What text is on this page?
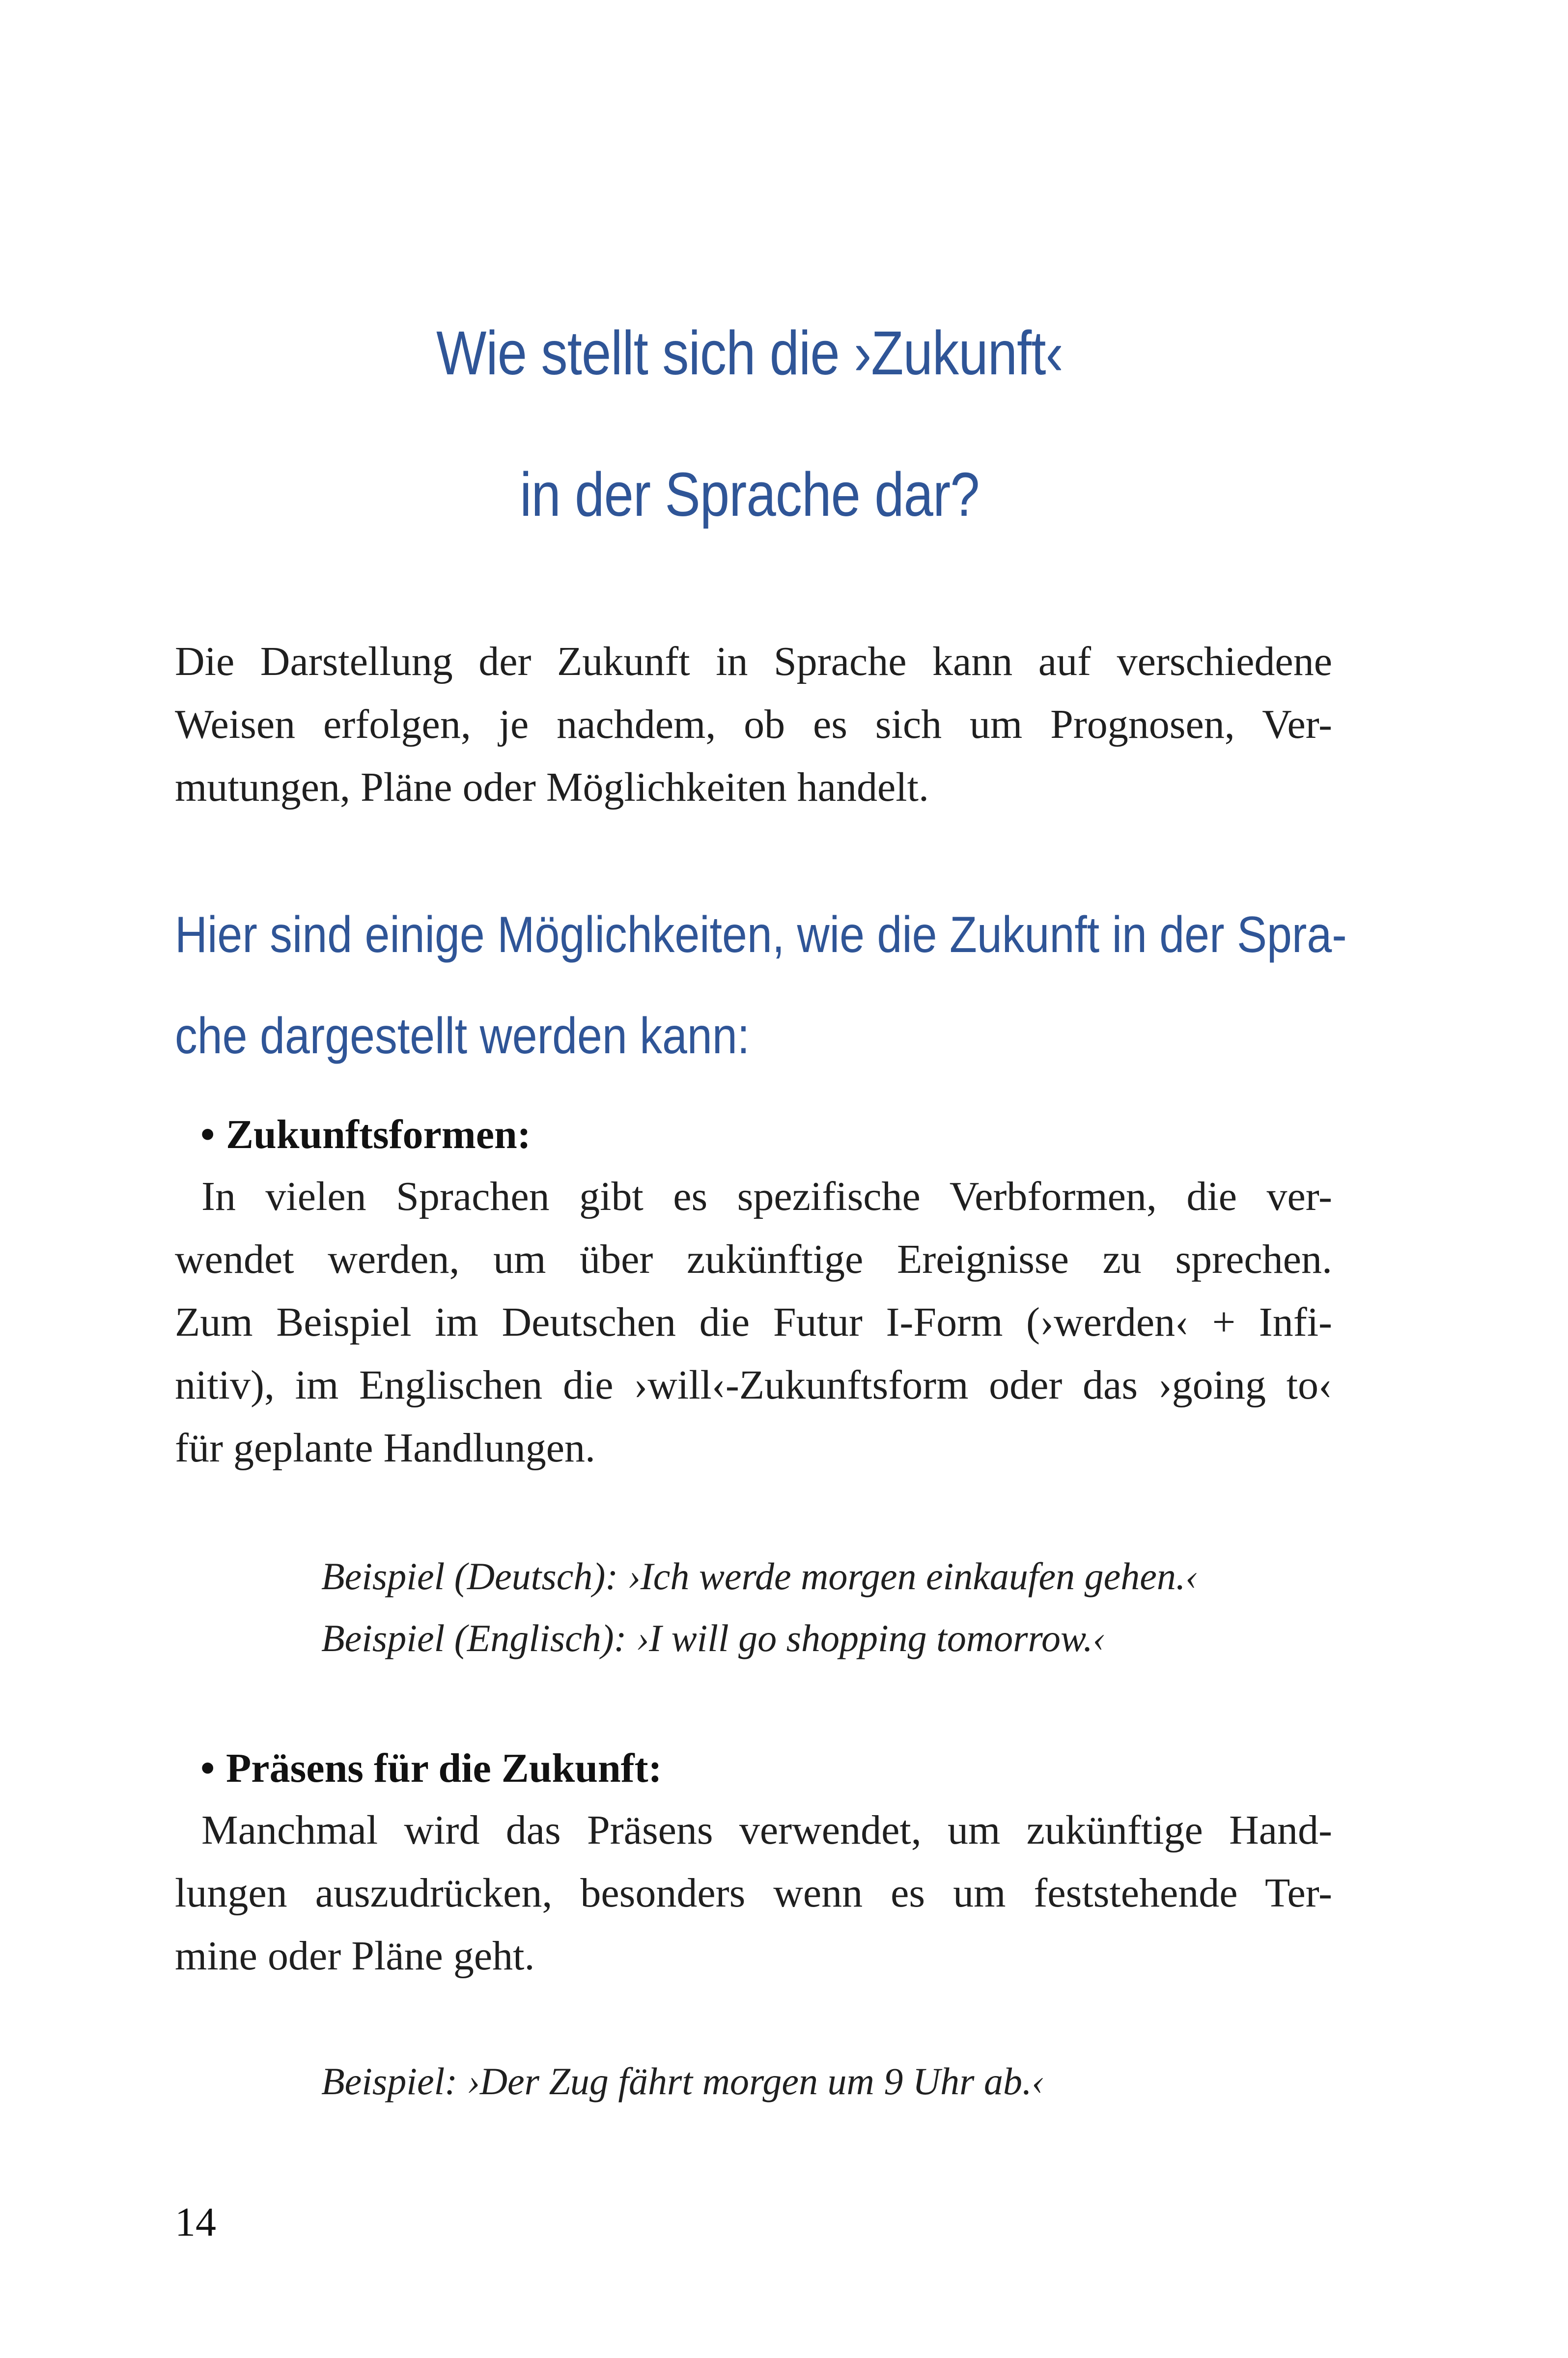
Wie stellt sich die ›Zukunft‹
in der Sprache dar?
Die Darstellung der Zukunft in Sprache kann auf verschiedene
Weisen erfolgen, je nachdem, ob es sich um Prognosen, Ver-
mutungen, Pläne oder Möglichkeiten handelt.
Hier sind einige Möglichkeiten, wie die Zukunft in der Spra-
che dargestellt werden kann:
• Zukunftsformen:
In vielen Sprachen gibt es spezifische Verbformen, die ver-
wendet werden, um über zukünftige Ereignisse zu sprechen.
Zum Beispiel im Deutschen die Futur I-Form (›werden‹ + Infi-
nitiv), im Englischen die ›will‹-Zukunftsform oder das ›going to‹
für geplante Handlungen.
Beispiel (Deutsch): ›Ich werde morgen einkaufen gehen.‹
Beispiel (Englisch): ›I will go shopping tomorrow.‹
• Präsens für die Zukunft:
Manchmal wird das Präsens verwendet, um zukünftige Hand-
lungen auszudrücken, besonders wenn es um feststehende Ter-
mine oder Pläne geht.
Beispiel: ›Der Zug fährt morgen um 9 Uhr ab.‹
14
